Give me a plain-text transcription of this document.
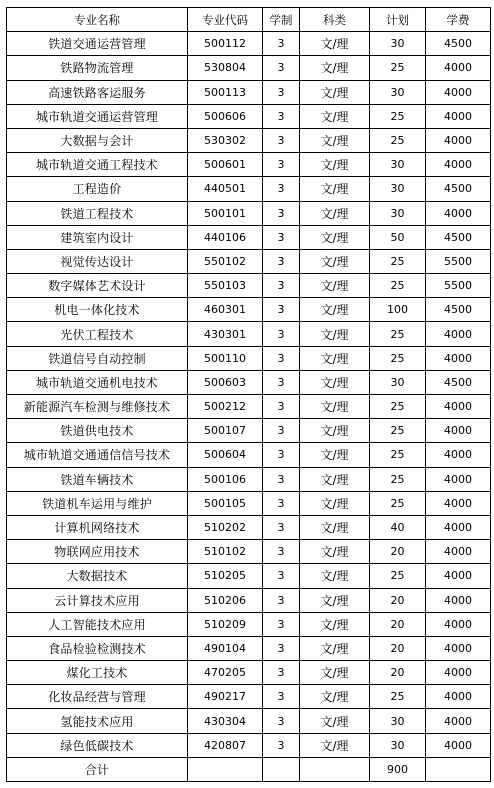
专业名称	专业代码	学制	科类	计划	学费
铁道交通运营管理	500112	3	文/理	30	4500
铁路物流管理	530804	3	文/理	25	4000
高速铁路客运服务	500113	3	文/理	30	4000
城市轨道交通运营管理	500606	3	文/理	25	4000
大数据与会计	530302	3	文/理	25	4000
城市轨道交通工程技术	500601	3	文/理	30	4000
工程造价	440501	3	文/理	30	4500
铁道工程技术	500101	3	文/理	30	4000
建筑室内设计	440106	3	文/理	50	4500
视觉传达设计	550102	3	文/理	25	5500
数字媒体艺术设计	550103	3	文/理	25	5500
机电一体化技术	460301	3	文/理	100	4500
光伏工程技术	430301	3	文/理	25	4000
铁道信号自动控制	500110	3	文/理	25	4000
城市轨道交通机电技术	500603	3	文/理	30	4500
新能源汽车检测与维修技术	500212	3	文/理	25	4000
铁道供电技术	500107	3	文/理	25	4000
城市轨道交通通信信号技术	500604	3	文/理	25	4000
铁道车辆技术	500106	3	文/理	25	4000
铁道机车运用与维护	500105	3	文/理	25	4000
计算机网络技术	510202	3	文/理	40	4000
物联网应用技术	510102	3	文/理	20	4000
大数据技术	510205	3	文/理	25	4000
云计算技术应用	510206	3	文/理	20	4000
人工智能技术应用	510209	3	文/理	20	4000
食品检验检测技术	490104	3	文/理	20	4000
煤化工技术	470205	3	文/理	20	4000
化妆品经营与管理	490217	3	文/理	25	4000
氢能技术应用	430304	3	文/理	30	4000
绿色低碳技术	420807	3	文/理	30	4000
合计				900	
